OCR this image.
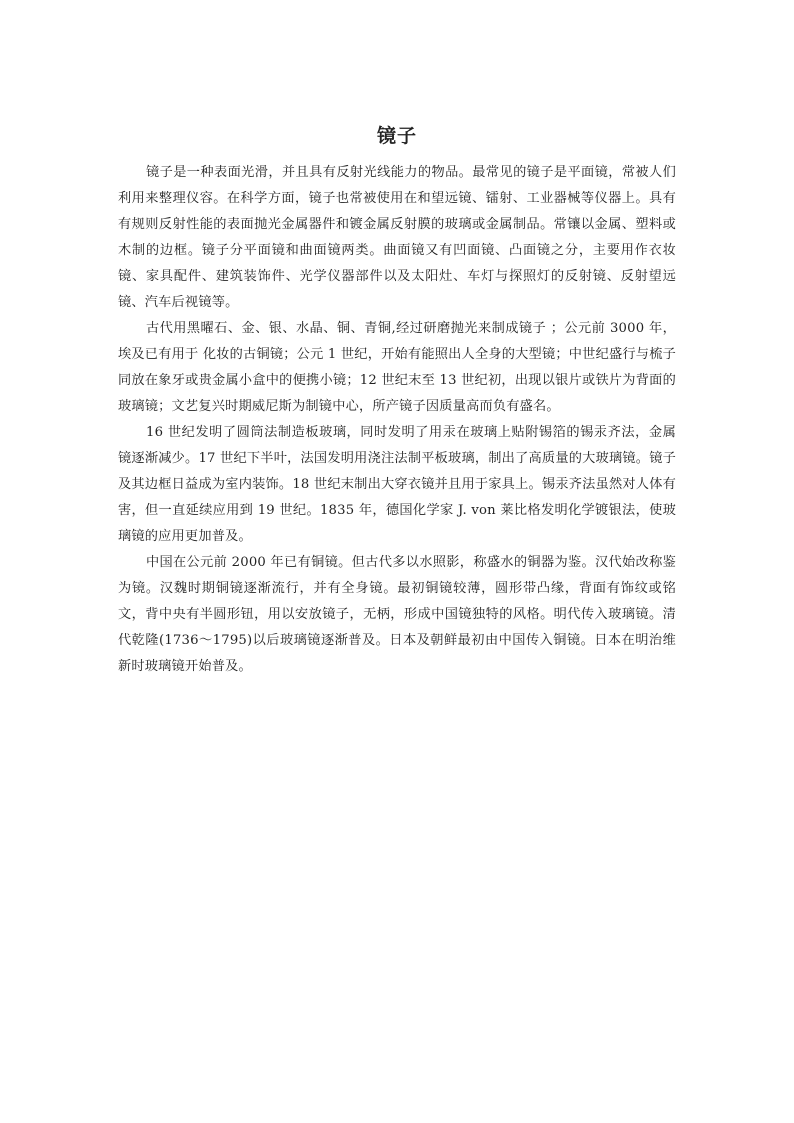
镜子

镜子是一种表面光滑，并且具有反射光线能力的物品。最常见的镜子是平面镜，常被人们利用来整理仪容。在科学方面，镜子也常被使用在和望远镜、镭射、工业器械等仪器上。具有有规则反射性能的表面抛光金属器件和镀金属反射膜的玻璃或金属制品。常镶以金属、塑料或木制的边框。镜子分平面镜和曲面镜两类。曲面镜又有凹面镜、凸面镜之分，主要用作衣妆镜、家具配件、建筑装饰件、光学仪器部件以及太阳灶、车灯与探照灯的反射镜、反射望远镜、汽车后视镜等。

古代用黑曜石、金、银、水晶、铜、青铜,经过研磨抛光来制成镜子 ；公元前 3000 年，埃及已有用于 化妆的古铜镜；公元 1 世纪，开始有能照出人全身的大型镜；中世纪盛行与梳子同放在象牙或贵金属小盒中的便携小镜；12 世纪末至 13 世纪初，出现以银片或铁片为背面的玻璃镜；文艺复兴时期威尼斯为制镜中心，所产镜子因质量高而负有盛名。

16 世纪发明了圆筒法制造板玻璃，同时发明了用汞在玻璃上贴附锡箔的锡汞齐法，金属镜逐渐减少。17 世纪下半叶，法国发明用浇注法制平板玻璃，制出了高质量的大玻璃镜。镜子及其边框日益成为室内装饰。18 世纪末制出大穿衣镜并且用于家具上。锡汞齐法虽然对人体有害，但一直延续应用到 19 世纪。1835 年，德国化学家 J. von 莱比格发明化学镀银法，使玻璃镜的应用更加普及。

中国在公元前 2000 年已有铜镜。但古代多以水照影，称盛水的铜器为鉴。汉代始改称鉴为镜。汉魏时期铜镜逐渐流行，并有全身镜。最初铜镜较薄，圆形带凸缘，背面有饰纹或铭文，背中央有半圆形钮，用以安放镜子，无柄，形成中国镜独特的风格。明代传入玻璃镜。清代乾隆(1736～1795)以后玻璃镜逐渐普及。日本及朝鲜最初由中国传入铜镜。日本在明治维新时玻璃镜开始普及。
